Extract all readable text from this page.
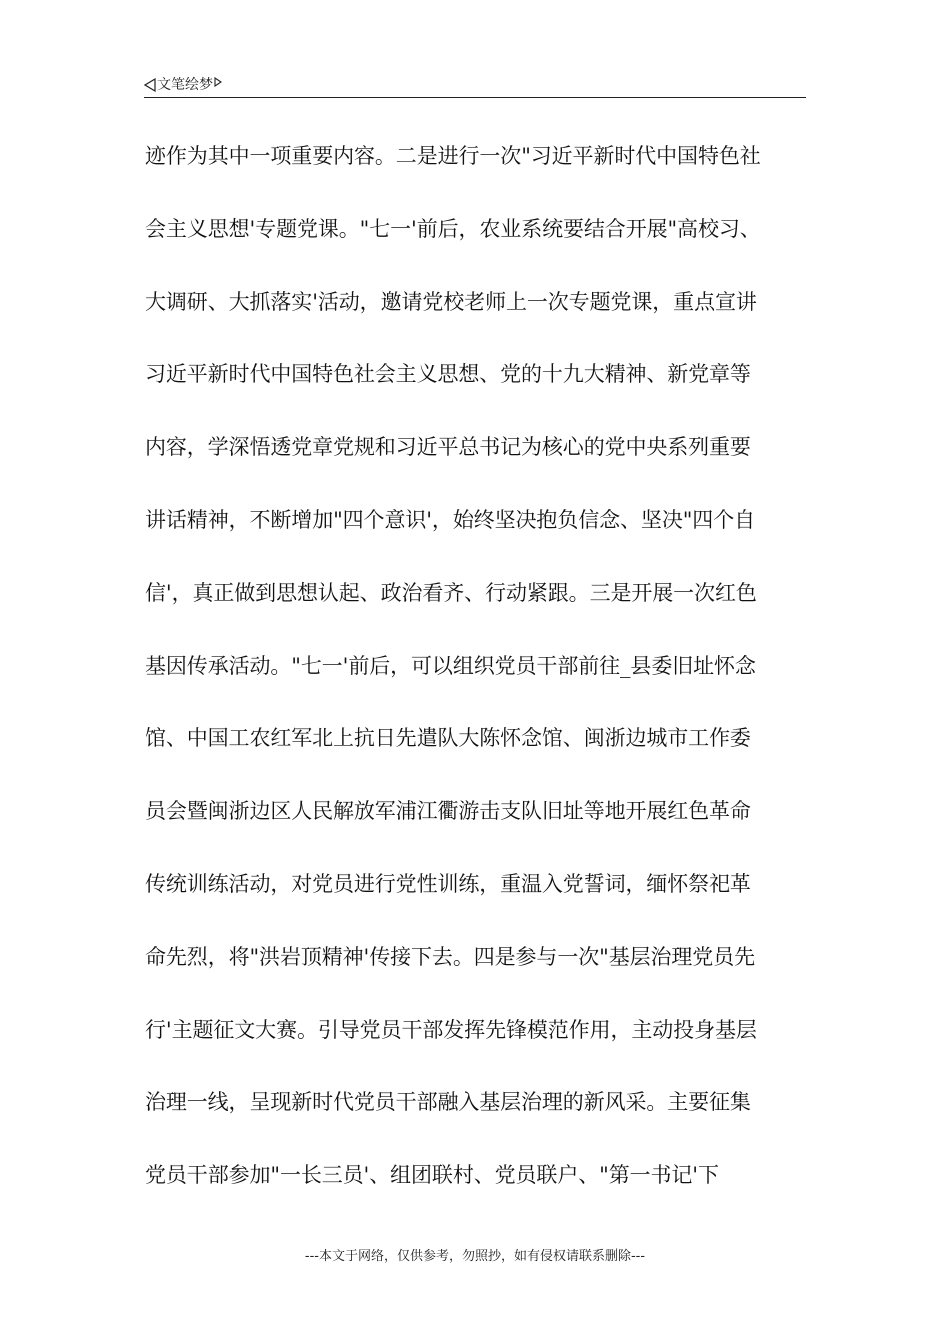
文笔绘梦
迹作为其中一项重要内容。二是进行一次"习近平新时代中国特色社
会主义思想'专题党课。"七一'前后，农业系统要结合开展"高校习、
大调研、大抓落实'活动，邀请党校老师上一次专题党课，重点宣讲
习近平新时代中国特色社会主义思想、党的十九大精神、新党章等
内容，学深悟透党章党规和习近平总书记为核心的党中央系列重要
讲话精神，不断增加"四个意识'，始终坚决抱负信念、坚决"四个自
信'，真正做到思想认起、政治看齐、行动紧跟。三是开展一次红色
基因传承活动。"七一'前后，可以组织党员干部前往_县委旧址怀念
馆、中国工农红军北上抗日先遣队大陈怀念馆、闽浙边城市工作委
员会暨闽浙边区人民解放军浦江衢游击支队旧址等地开展红色革命
传统训练活动，对党员进行党性训练，重温入党誓词，缅怀祭祀革
命先烈，将"洪岩顶精神'传接下去。四是参与一次"基层治理党员先
行'主题征文大赛。引导党员干部发挥先锋模范作用，主动投身基层
治理一线，呈现新时代党员干部融入基层治理的新风采。主要征集
党员干部参加"一长三员'、组团联村、党员联户、"第一书记'下
---本文于网络，仅供参考，勿照抄，如有侵权请联系删除---
